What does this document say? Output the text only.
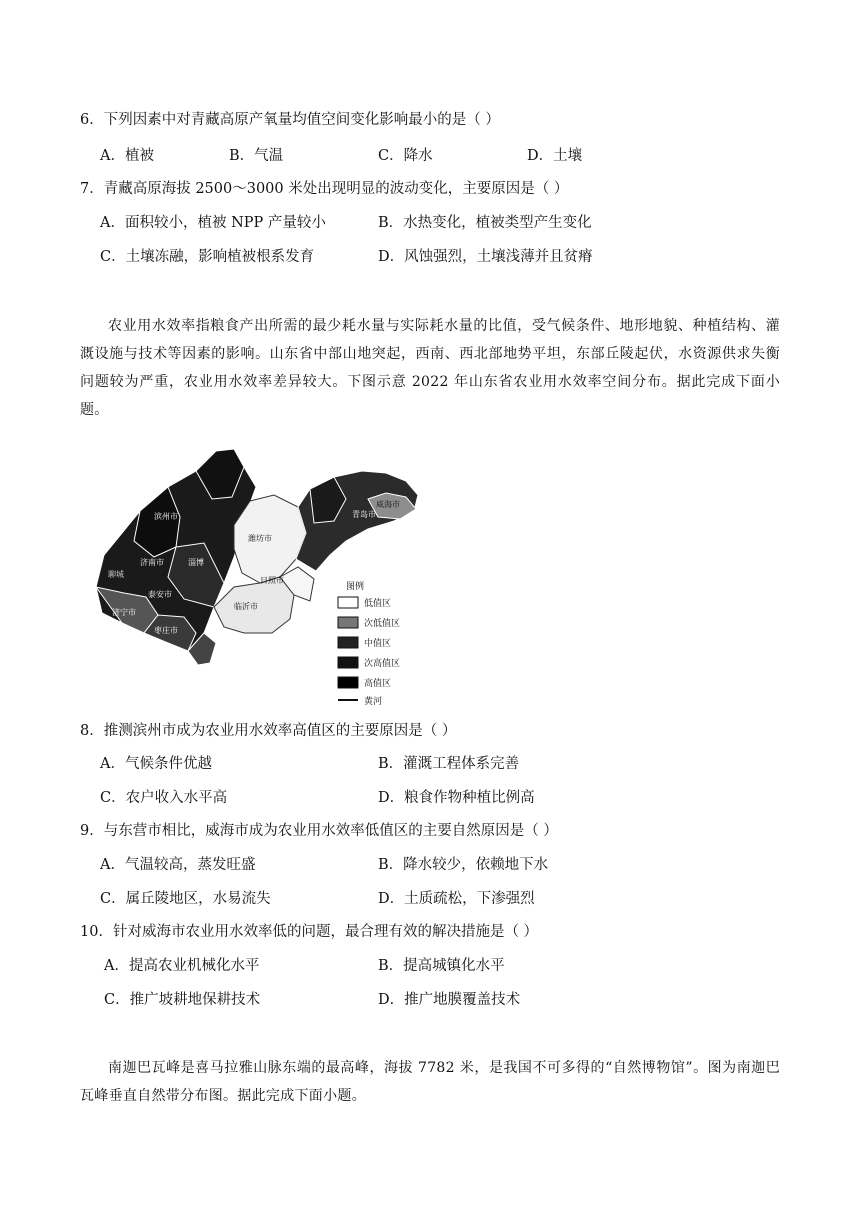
6．下列因素中对青藏高原产氧量均值空间变化影响最小的是（ ）
A．植被	B．气温	C．降水	D．土壤
7．青藏高原海拔 2500～3000 米处出现明显的波动变化，主要原因是（ ）
A．面积较小，植被 NPP 产量较小	B．水热变化，植被类型产生变化
C．土壤冻融，影响植被根系发育	D．风蚀强烈，土壤浅薄并且贫瘠
农业用水效率指粮食产出所需的最少耗水量与实际耗水量的比值，受气候条件、地形地貌、种植结构、灌溉设施与技术等因素的影响。山东省中部山地突起，西南、西北部地势平坦，东部丘陵起伏，水资源供求失衡问题较为严重，农业用水效率差异较大。下图示意 2022 年山东省农业用水效率空间分布。据此完成下面小题。
滨州市
济南市
聊城
淄博
泰安市
济宁市
枣庄市
潍坊市
日照市
临沂市
青岛市
威海市
图例
低值区
次低值区
中值区
次高值区
高值区
黄河
8．推测滨州市成为农业用水效率高值区的主要原因是（ ）
A．气候条件优越	B．灌溉工程体系完善
C．农户收入水平高	D．粮食作物种植比例高
9．与东营市相比，威海市成为农业用水效率低值区的主要自然原因是（ ）
A．气温较高，蒸发旺盛	B．降水较少，依赖地下水
C．属丘陵地区，水易流失	D．土质疏松，下渗强烈
10．针对威海市农业用水效率低的问题，最合理有效的解决措施是（ ）
A．提高农业机械化水平	B．提高城镇化水平
C．推广坡耕地保耕技术	D．推广地膜覆盖技术
南迦巴瓦峰是喜马拉雅山脉东端的最高峰，海拔 7782 米，是我国不可多得的“自然博物馆”。图为南迦巴瓦峰垂直自然带分布图。据此完成下面小题。
